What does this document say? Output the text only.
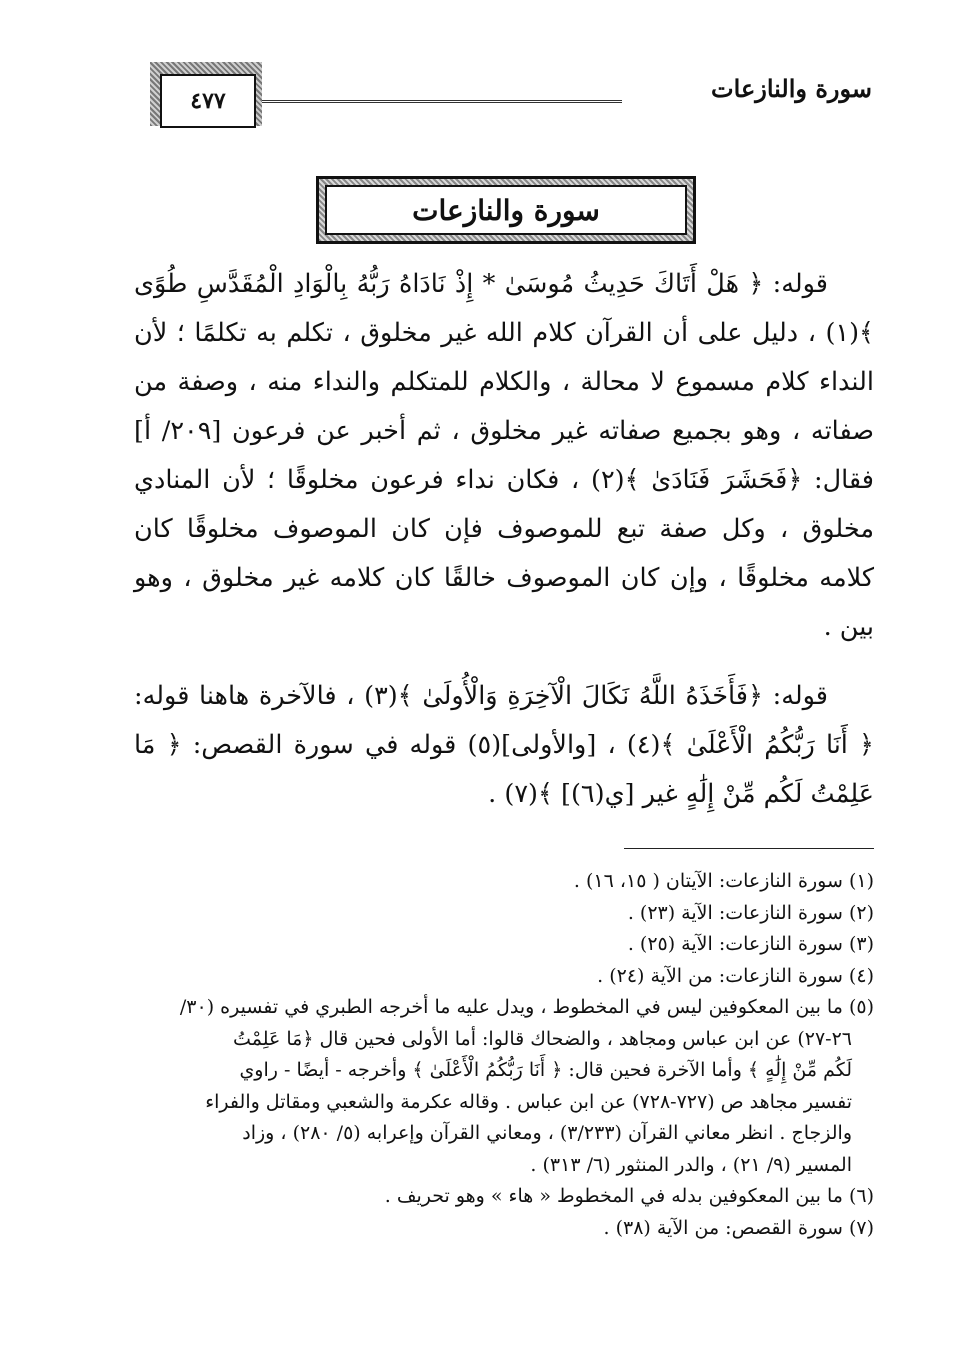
سورة والنازعات
٤٧٧
سورة والنازعات

قوله: ﴿ هَلْ أَتَاكَ حَدِيثُ مُوسَىٰ * إِذْ نَادَاهُ رَبُّهُ بِالْوَادِ الْمُقَدَّسِ طُوًى ﴾(١) ، دليل على أن القرآن كلام الله غير مخلوق ، تكلم به تكلمًا ؛ لأن النداء كلام مسموع لا محالة ، والكلام للمتكلم والنداء منه ، وصفة من صفاته ، وهو بجميع صفاته غير مخلوق ، ثم أخبر عن فرعون [٢٠٩/ أ] فقال: ﴿فَحَشَرَ فَنَادَىٰ ﴾(٢) ، فكان نداء فرعون مخلوقًا ؛ لأن المنادي مخلوق ، وكل صفة تبع للموصوف فإن كان الموصوف مخلوقًا كان كلامه مخلوقًا ، وإن كان الموصوف خالقًا كان كلامه غير مخلوق ، وهو بين .

قوله: ﴿فَأَخَذَهُ اللَّهُ نَكَالَ الْآخِرَةِ وَالْأُولَىٰ ﴾(٣) ، فالآخرة هاهنا قوله: ﴿ أَنَا رَبُّكُمُ الْأَعْلَىٰ ﴾(٤) ، [والأولى](٥) قوله في سورة القصص: ﴿ مَا عَلِمْتُ لَكُم مِّنْ إِلَٰهٍ غير [ي(٦)] ﴾(٧) .

(١) سورة النازعات: الآيتان ( ١٥، ١٦) .

(٢) سورة النازعات: الآية (٢٣) .

(٣) سورة النازعات: الآية (٢٥) .

(٤) سورة النازعات: من الآية (٢٤) .

(٥) ما بين المعكوفين ليس في المخطوط ، ويدل عليه ما أخرجه الطبري في تفسيره (٣٠/

٢٦-٢٧) عن ابن عباس ومجاهد ، والضحاك قالوا: أما الأولى فحين قال ﴿مَا عَلِمْتُ

لَكُم مِّنْ إِلَٰهٍ ﴾ وأما الآخرة فحين قال: ﴿ أَنَا رَبُّكُمُ الْأَعْلَىٰ ﴾ وأخرجه - أيضًا - راوي

تفسير مجاهد ص (٧٢٧-٧٢٨) عن ابن عباس . وقاله عكرمة والشعبي ومقاتل والفراء

والزجاج . انظر معاني القرآن (٣/٢٣٣) ، ومعاني القرآن وإعرابه (٥/ ٢٨٠) ، وزاد

المسير (٩/ ٢١) ، والدر المنثور (٦/ ٣١٣) .

(٦) ما بين المعكوفين بدله في المخطوط « هاء » وهو تحريف .

(٧) سورة القصص: من الآية (٣٨) .
